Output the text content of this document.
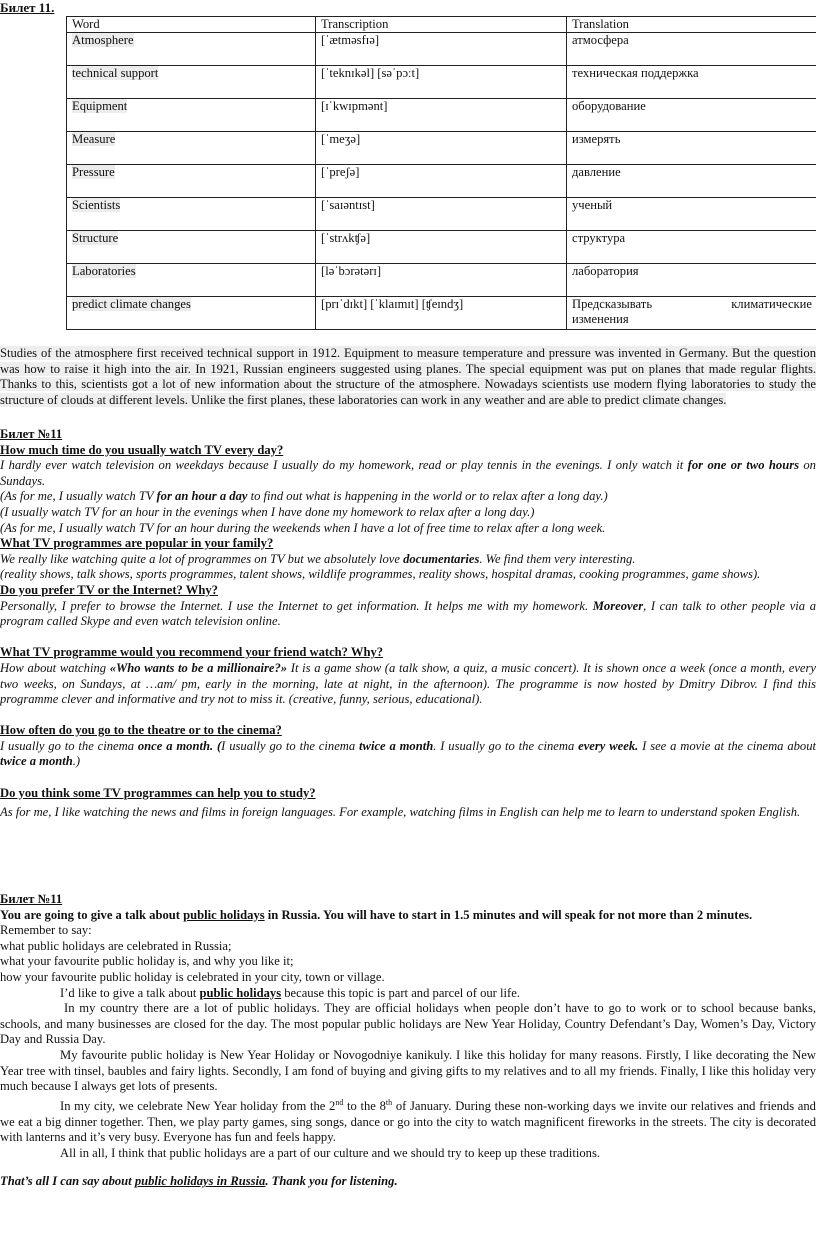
Билет 11.
Word	Transcription	Translation
Atmosphere	[ˈætməsfɪə]	атмосфера
technical support	[ˈteknɪkəl] [səˈpɔːt]	техническая поддержка
Equipment	[ɪˈkwɪpmənt]	оборудование
Measure	[ˈmeʒə]	измерять
Pressure	[ˈpreʃə]	давление
Scientists	[ˈsaɪəntɪst]	ученый
Structure	[ˈstrʌkʧə]	структура
Laboratories	[ləˈbɔrətərɪ]	лаборатория
predict climate changes	[prɪˈdɪkt] [ˈklaɪmɪt] [ʧeɪndʒ]	Предсказывать климатические
изменения
Studies of the atmosphere first received technical support in 1912. Equipment to measure temperature and pressure was invented in Germany. But the question was how to raise it high into the air. In 1921, Russian engineers suggested using planes. The special equipment was put on planes that made regular flights. Thanks to this, scientists got a lot of new information about the structure of the atmosphere. Nowadays scientists use modern flying laboratories to study the structure of clouds at different levels. Unlike the first planes, these laboratories can work in any weather and are able to predict climate changes.

Билет №11

How much time do you usually watch TV every day?

I hardly ever watch television on weekdays because I usually do my homework, read or play tennis in the evenings. I only watch it for one or two hours on Sundays.

(As for me, I usually watch TV for an hour a day to find out what is happening in the world or to relax after a long day.)

(I usually watch TV for an hour in the evenings when I have done my homework to relax after a long day.)

(As for me, I usually watch TV for an hour during the weekends when I have a lot of free time to relax after a long week.

What TV programmes are popular in your family?

We really like watching quite a lot of programmes on TV but we absolutely love documentaries. We find them very interesting.

(reality shows, talk shows, sports programmes, talent shows, wildlife programmes, reality shows, hospital dramas, cooking programmes, game shows).

Do you prefer TV or the Internet? Why?

Personally, I prefer to browse the Internet. I use the Internet to get information. It helps me with my homework. Moreover, I can talk to other people via a program called Skype and even watch television online.

What TV programme would you recommend your friend watch? Why?

How about watching «Who wants to be a millionaire?» It is a game show (a talk show, a quiz, a music concert). It is shown once a week (once a month, every two weeks, on Sundays, at …am/ pm, early in the morning, late at night, in the afternoon). The programme is now hosted by Dmitry Dibrov. I find this programme clever and informative and try not to miss it. (creative, funny, serious, educational).

How often do you go to the theatre or to the cinema?

I usually go to the cinema once a month. (I usually go to the cinema twice a month. I usually go to the cinema every week. I see a movie at the cinema about twice a month.)

Do you think some TV programmes can help you to study?

As for me, I like watching the news and films in foreign languages. For example, watching films in English can help me to learn to understand spoken English.

Билет №11

You are going to give a talk about public holidays in Russia. You will have to start in 1.5 minutes and will speak for not more than 2 minutes.

Remember to say:

what public holidays are celebrated in Russia;

what your favourite public holiday is, and why you like it;

how your favourite public holiday is celebrated in your city, town or village.

I’d like to give a talk about public holidays because this topic is part and parcel of our life.

In my country there are a lot of public holidays. They are official holidays when people don’t have to go to work or to school because banks, schools, and many businesses are closed for the day. The most popular public holidays are New Year Holiday, Country Defendant’s Day, Women’s Day, Victory Day and Russia Day.

My favourite public holiday is New Year Holiday or Novogodniye kanikuly. I like this holiday for many reasons. Firstly, I like decorating the New Year tree with tinsel, baubles and fairy lights. Secondly, I am fond of buying and giving gifts to my relatives and to all my friends. Finally, I like this holiday very much because I always get lots of presents.

In my city, we celebrate New Year holiday from the 2nd to the 8th of January. During these non-working days we invite our relatives and friends and we eat a big dinner together. Then, we play party games, sing songs, dance or go into the city to watch magnificent fireworks in the streets. The city is decorated with lanterns and it’s very busy. Everyone has fun and feels happy.

All in all, I think that public holidays are a part of our culture and we should try to keep up these traditions.

That’s all I can say about public holidays in Russia. Thank you for listening.
